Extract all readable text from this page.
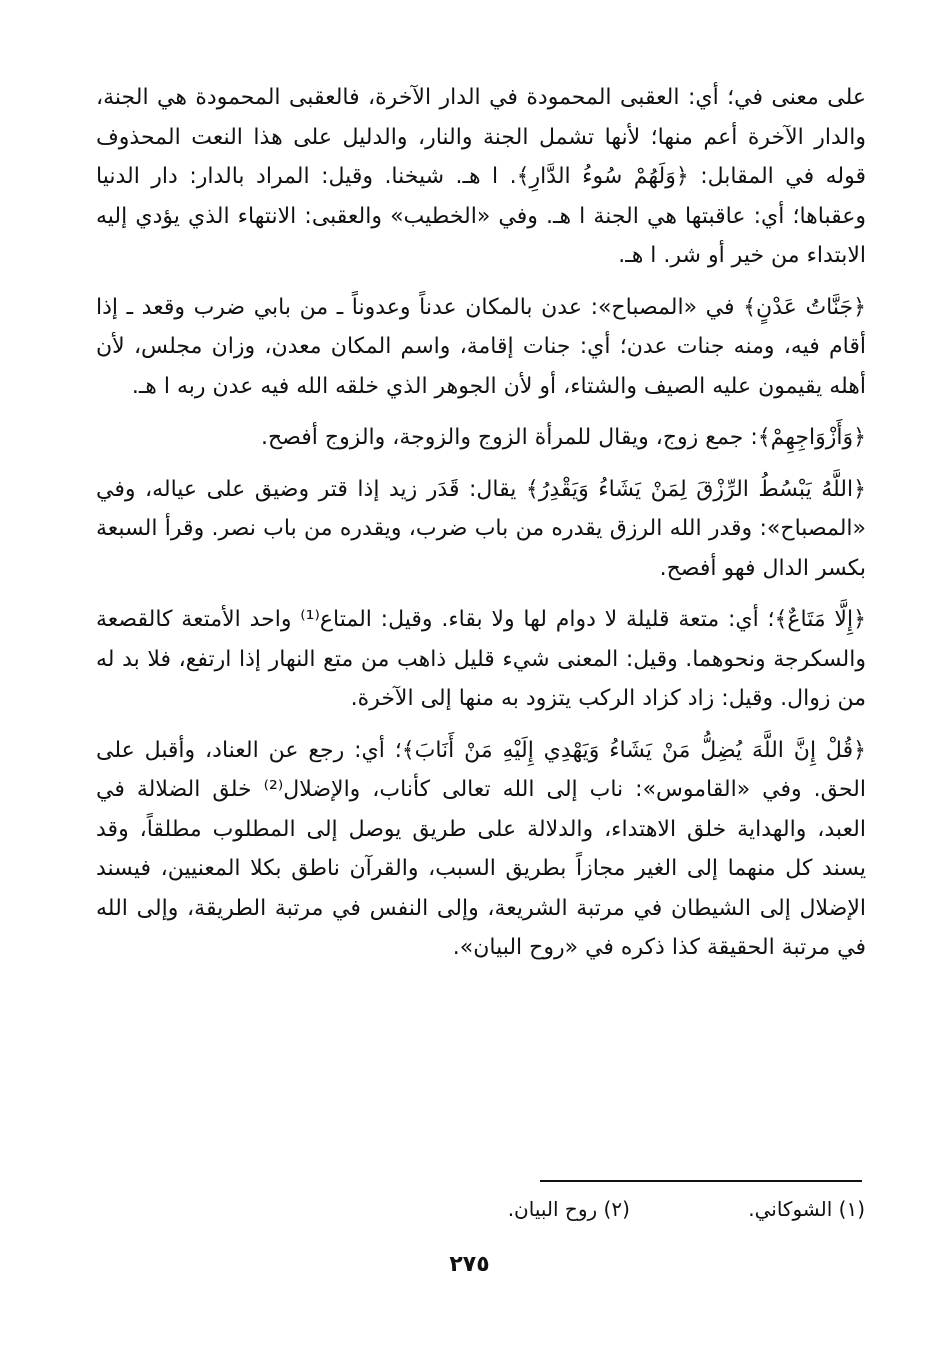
على معنى في؛ أي: العقبى المحمودة في الدار الآخرة، فالعقبى المحمودة هي الجنة، والدار الآخرة أعم منها؛ لأنها تشمل الجنة والنار، والدليل على هذا النعت المحذوف قوله في المقابل: ﴿وَلَهُمْ سُوءُ الدَّارِ﴾. ا هـ. شيخنا. وقيل: المراد بالدار: دار الدنيا وعقباها؛ أي: عاقبتها هي الجنة ا هـ. وفي «الخطيب» والعقبى: الانتهاء الذي يؤدي إليه الابتداء من خير أو شر. ا هـ.

﴿جَنَّاتُ عَدْنٍ﴾ في «المصباح»: عدن بالمكان عدناً وعدوناً ـ من بابي ضرب وقعد ـ إذا أقام فيه، ومنه جنات عدن؛ أي: جنات إقامة، واسم المكان معدن، وزان مجلس، لأن أهله يقيمون عليه الصيف والشتاء، أو لأن الجوهر الذي خلقه الله فيه عدن ربه ا هـ.

﴿وَأَزْوَاجِهِمْ﴾: جمع زوج، ويقال للمرأة الزوج والزوجة، والزوج أفصح.

﴿اللَّهُ يَبْسُطُ الرِّزْقَ لِمَنْ يَشَاءُ وَيَقْدِرُ﴾ يقال: قَدَر زيد إذا قتر وضيق على عياله، وفي «المصباح»: وقدر الله الرزق يقدره من باب ضرب، ويقدره من باب نصر. وقرأ السبعة بكسر الدال فهو أفصح.

﴿إِلَّا مَتَاعٌ﴾؛ أي: متعة قليلة لا دوام لها ولا بقاء. وقيل: المتاع⁽¹⁾ واحد الأمتعة كالقصعة والسكرجة ونحوهما. وقيل: المعنى شيء قليل ذاهب من متع النهار إذا ارتفع، فلا بد له من زوال. وقيل: زاد كزاد الركب يتزود به منها إلى الآخرة.

﴿قُلْ إِنَّ اللَّهَ يُضِلُّ مَنْ يَشَاءُ وَيَهْدِي إِلَيْهِ مَنْ أَنَابَ﴾؛ أي: رجع عن العناد، وأقبل على الحق. وفي «القاموس»: ناب إلى الله تعالى كأناب، والإضلال⁽²⁾ خلق الضلالة في العبد، والهداية خلق الاهتداء، والدلالة على طريق يوصل إلى المطلوب مطلقاً، وقد يسند كل منهما إلى الغير مجازاً بطريق السبب، والقرآن ناطق بكلا المعنيين، فيسند الإضلال إلى الشيطان في مرتبة الشريعة، وإلى النفس في مرتبة الطريقة، وإلى الله في مرتبة الحقيقة كذا ذكره في «روح البيان».

(١) الشوكاني. (٢) روح البيان.
٢٧٥
